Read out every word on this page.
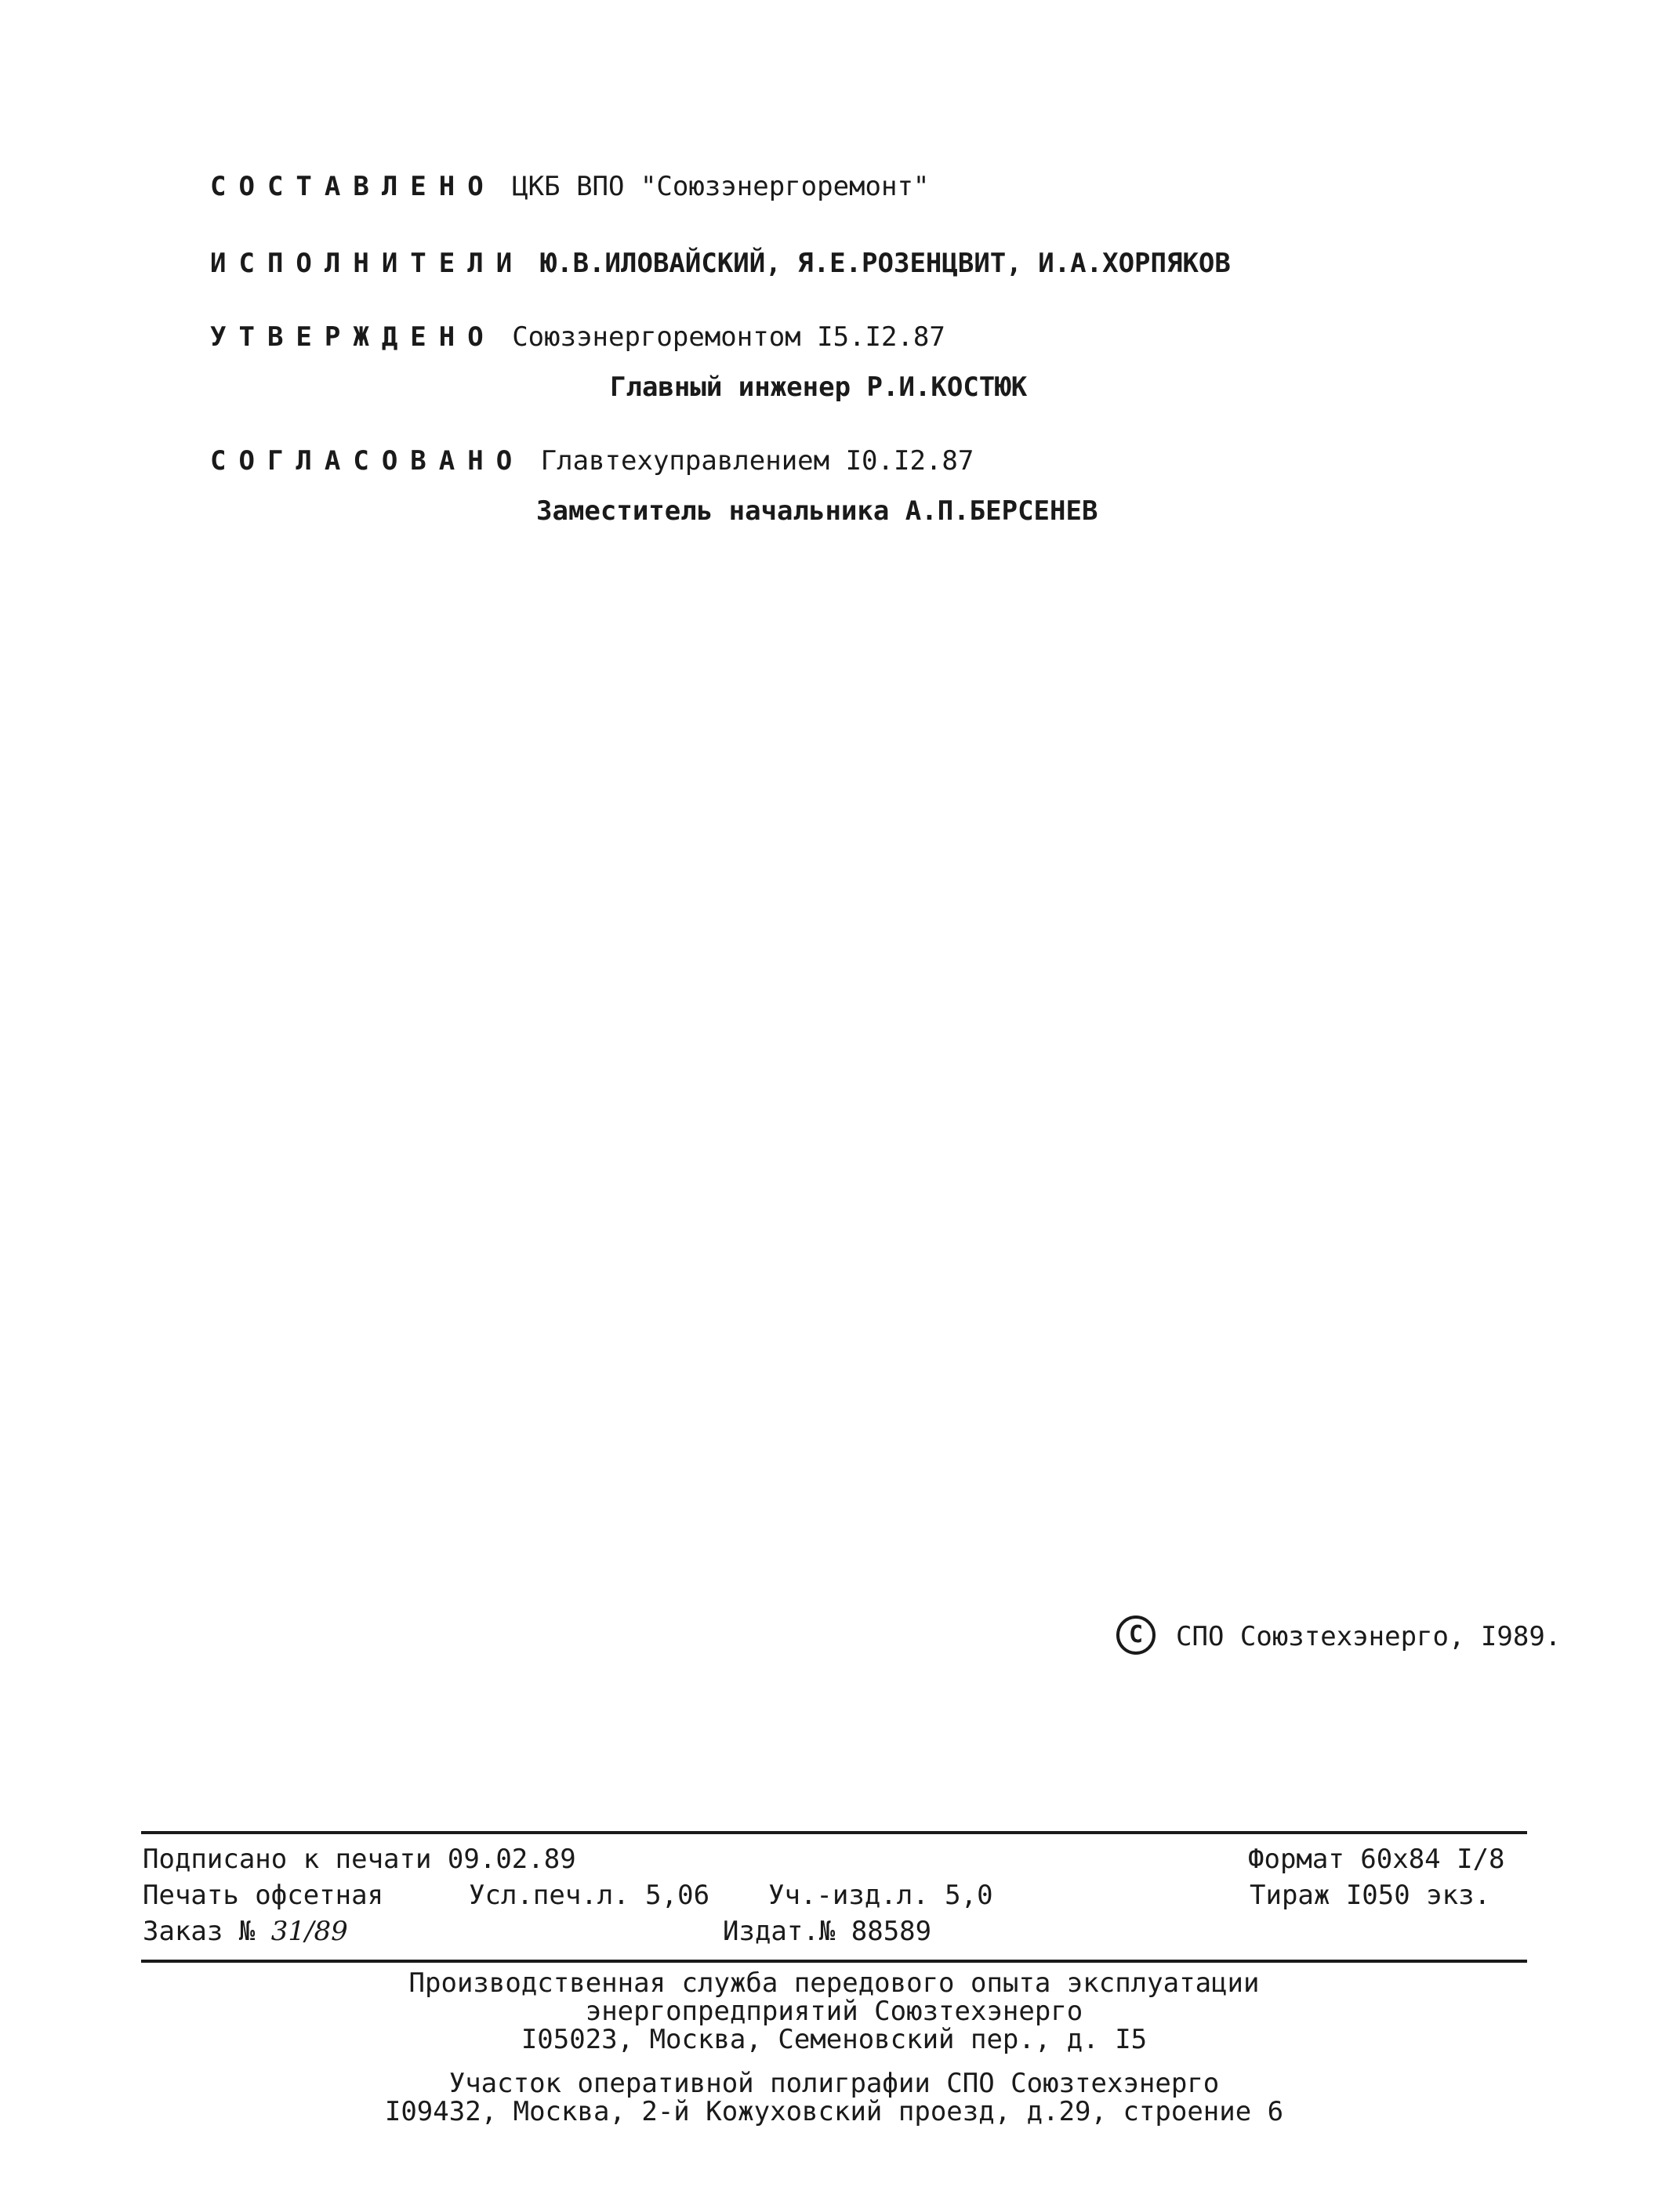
СОСТАВЛЕНО ЦКБ ВПО "Союзэнергоремонт"
ИСПОЛНИТЕЛИ Ю.В.ИЛОВАЙСКИЙ, Я.Е.РОЗЕНЦВИТ, И.А.ХОРПЯКОВ
УТВЕРЖДЕНО Союзэнергоремонтом I5.I2.87
Главный инженер Р.И.КОСТЮК
СОГЛАСОВАНО Главтехуправлением I0.I2.87
Заместитель начальника А.П.БЕРСЕНЕВ
C	СПО Союзтехэнерго, I989.
Подписано к печати 09.02.89	Формат 60х84 I/8
Печать офсетная	Усл.печ.л. 5,06 Уч.-изд.л. 5,0	Тираж I050 экз.
Заказ № 31/89	Издат.№ 88589
Производственная служба передового опыта эксплуатации
энергопредприятий Союзтехэнерго
I05023, Москва, Семеновский пер., д. I5
Участок оперативной полиграфии СПО Союзтехэнерго
I09432, Москва, 2-й Кожуховский проезд, д.29, строение 6
